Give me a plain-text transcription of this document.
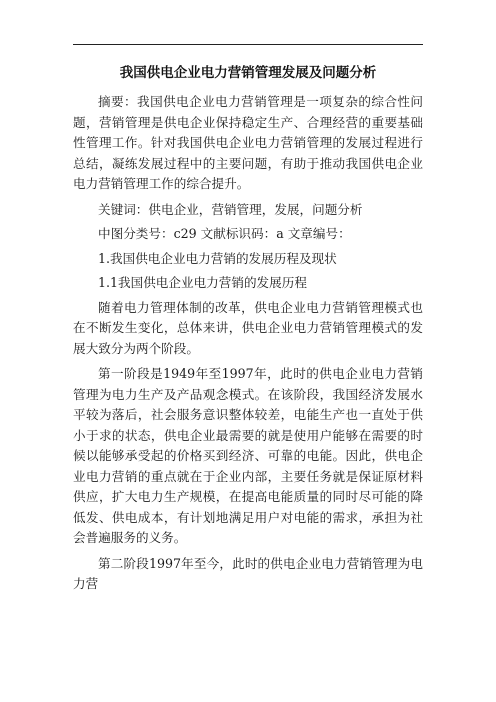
我国供电企业电力营销管理发展及问题分析

摘要：我国供电企业电力营销管理是一项复杂的综合性问题，营销管理是供电企业保持稳定生产、合理经营的重要基础性管理工作。针对我国供电企业电力营销管理的发展过程进行总结，凝练发展过程中的主要问题，有助于推动我国供电企业电力营销管理工作的综合提升。

关键词：供电企业，营销管理，发展，问题分析

中图分类号：c29 文献标识码：a 文章编号：

1.我国供电企业电力营销的发展历程及现状

1.1我国供电企业电力营销的发展历程

随着电力管理体制的改革，供电企业电力营销管理模式也在不断发生变化，总体来讲，供电企业电力营销管理模式的发展大致分为两个阶段。

第一阶段是1949年至1997年，此时的供电企业电力营销管理为电力生产及产品观念模式。在该阶段，我国经济发展水平较为落后，社会服务意识整体较差，电能生产也一直处于供小于求的状态，供电企业最需要的就是使用户能够在需要的时候以能够承受起的价格买到经济、可靠的电能。因此，供电企业电力营销的重点就在于企业内部，主要任务就是保证原材料供应，扩大电力生产规模，在提高电能质量的同时尽可能的降低发、供电成本，有计划地满足用户对电能的需求，承担为社会普遍服务的义务。

第二阶段1997年至今，此时的供电企业电力营销管理为电力营
